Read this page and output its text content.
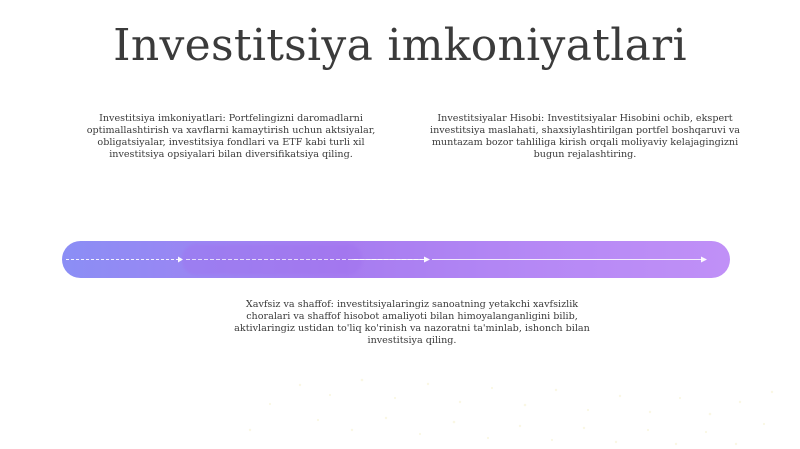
Investitsiya imkoniyatlari
Investitsiya imkoniyatlari: Portfelingizni daromadlarni optimallashtirish va xavflarni kamaytirish uchun aktsiyalar, obligatsiyalar, investitsiya fondlari va ETF kabi turli xil investitsiya opsiyalari bilan diversifikatsiya qiling.
Investitsiyalar Hisobi: Investitsiyalar Hisobini ochib, ekspert investitsiya maslahati, shaxsiylashtirilgan portfel boshqaruvi va muntazam bozor tahliliga kirish orqali moliyaviy kelajagingizni bugun rejalashtiring.
Xavfsiz va shaffof: investitsiyalaringiz sanoatning yetakchi xavfsizlik choralari va shaffof hisobot amaliyoti bilan himoyalanganligini bilib, aktivlaringiz ustidan to'liq ko'rinish va nazoratni ta'minlab, ishonch bilan investitsiya qiling.
